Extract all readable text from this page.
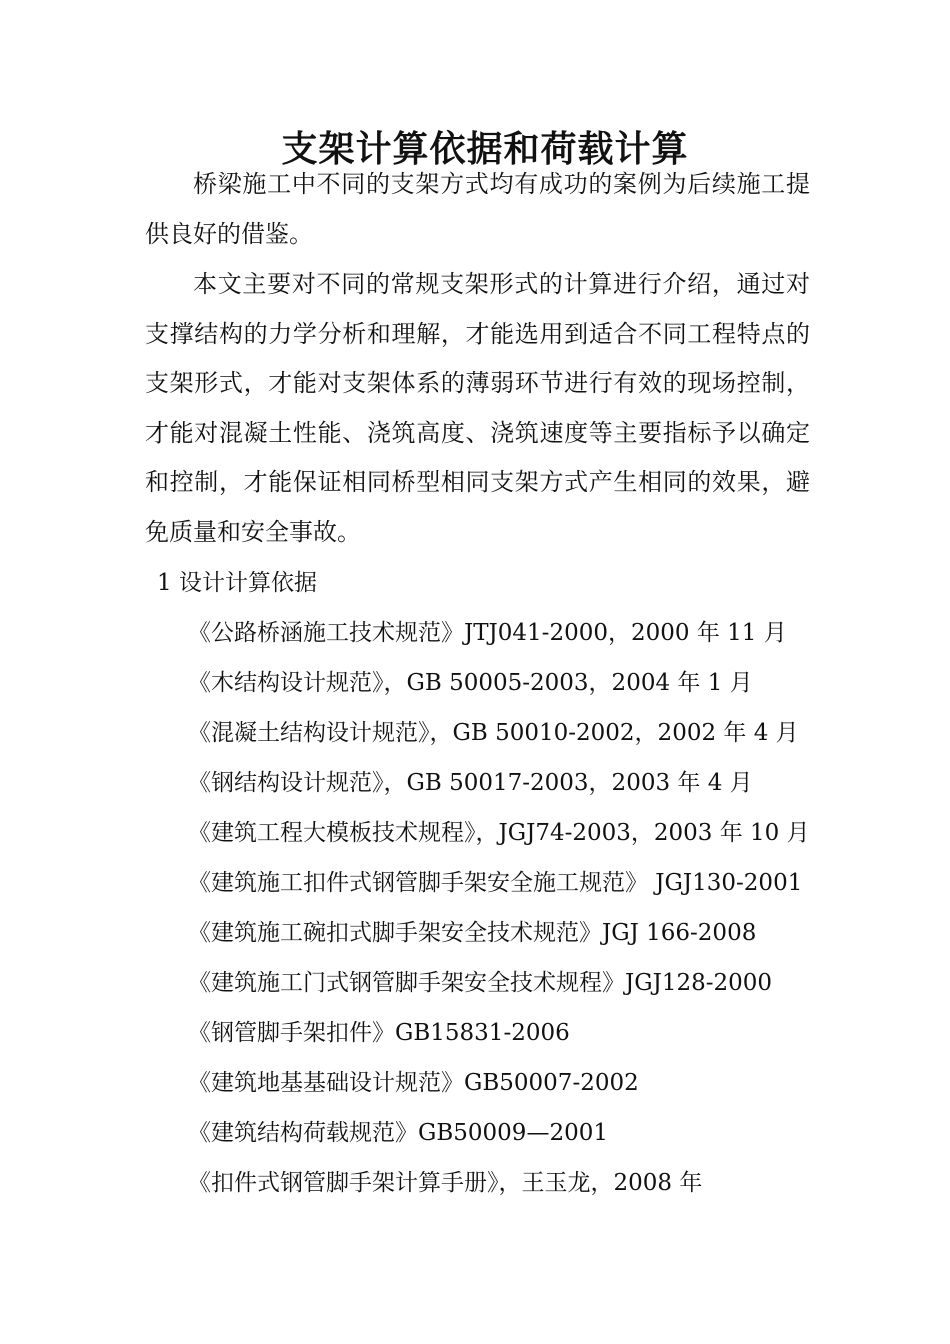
支架计算依据和荷载计算

桥梁施工中不同的支架方式均有成功的案例为后续施工提供良好的借鉴。

本文主要对不同的常规支架形式的计算进行介绍，通过对支撑结构的力学分析和理解，才能选用到适合不同工程特点的支架形式，才能对支架体系的薄弱环节进行有效的现场控制，才能对混凝土性能、浇筑高度、浇筑速度等主要指标予以确定和控制，才能保证相同桥型相同支架方式产生相同的效果，避免质量和安全事故。

1 设计计算依据

《公路桥涵施工技术规范》JTJ041-2000，2000 年 11 月
《木结构设计规范》，GB 50005-2003，2004 年 1 月
《混凝土结构设计规范》，GB 50010-2002，2002 年 4 月
《钢结构设计规范》，GB 50017-2003，2003 年 4 月
《建筑工程大模板技术规程》，JGJ74-2003，2003 年 10 月
《建筑施工扣件式钢管脚手架安全施工规范》 JGJ130-2001
《建筑施工碗扣式脚手架安全技术规范》JGJ 166-2008
《建筑施工门式钢管脚手架安全技术规程》JGJ128-2000
《钢管脚手架扣件》GB15831-2006
《建筑地基基础设计规范》GB50007-2002
《建筑结构荷载规范》GB50009—2001
《扣件式钢管脚手架计算手册》，王玉龙，2008 年
